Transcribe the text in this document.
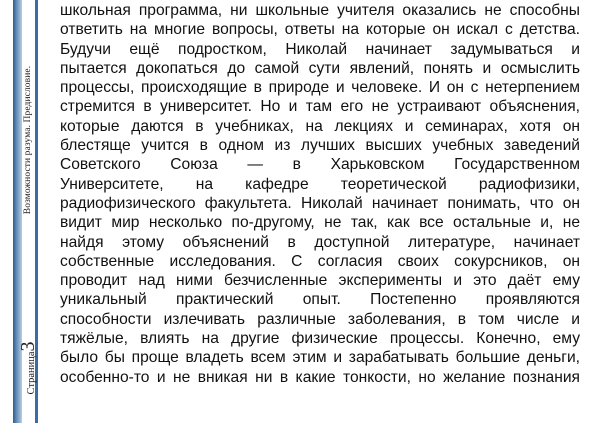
Возможности разума. Предисловие.
Страница3

школьная программа, ни школьные учителя оказались не способны
ответить на многие вопросы, ответы на которые он искал с детства.
Будучи ещё подростком, Николай начинает задумываться и
пытается докопаться до самой сути явлений, понять и осмыслить
процессы, происходящие в природе и человеке. И он с нетерпением
стремится в университет. Но и там его не устраивают объяснения,
которые даются в учебниках, на лекциях и семинарах, хотя он
блестяще учится в одном из лучших высших учебных заведений
Советского Союза — в Харьковском Государственном
Университете, на кафедре теоретической радиофизики,
радиофизического факультета. Николай начинает понимать, что он
видит мир несколько по-другому, не так, как все остальные и, не
найдя этому объяснений в доступной литературе, начинает
собственные исследования. С согласия своих сокурсников, он
проводит над ними безчисленные эксперименты и это даёт ему
уникальный практический опыт. Постепенно проявляются
способности излечивать различные заболевания, в том числе и
тяжёлые, влиять на другие физические процессы. Конечно, ему
было бы проще владеть всем этим и зарабатывать большие деньги,
особенно-то и не вникая ни в какие тонкости, но желание познания
